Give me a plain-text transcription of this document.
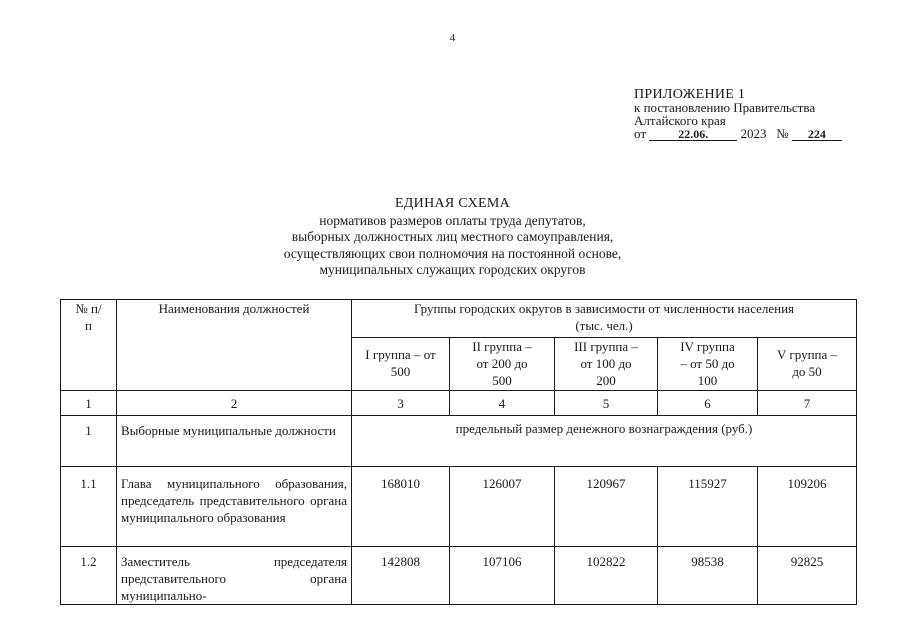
4
ПРИЛОЖЕНИЕ 1
к постановлению Правительства
Алтайского края
от	22.06. 2023 № 224
ЕДИНАЯ СХЕМА
нормативов размеров оплаты труда депутатов,
выборных должностных лиц местного самоуправления,
осуществляющих свои полномочия на постоянной основе,
муниципальных служащих городских округов
№ п/п	Наименования должностей	Группы городских округов в зависимости от численности населения (тыс. чел.)				
		I группа – от 500	II группа – от 200 до 500	III группа – от 100 до 200	IV группа – от 50 до 100	V группа – до 50
1	2	3	4	5	6	7
1	Выборные муниципальные должности	предельный размер денежного вознаграждения (руб.)				
1.1	Глава муниципального образования, председатель представительного органа муниципального образования	168010	126007	120967	115927	109206
1.2	Заместитель председателя представительного органа муниципально-	142808	107106	102822	98538	92825
